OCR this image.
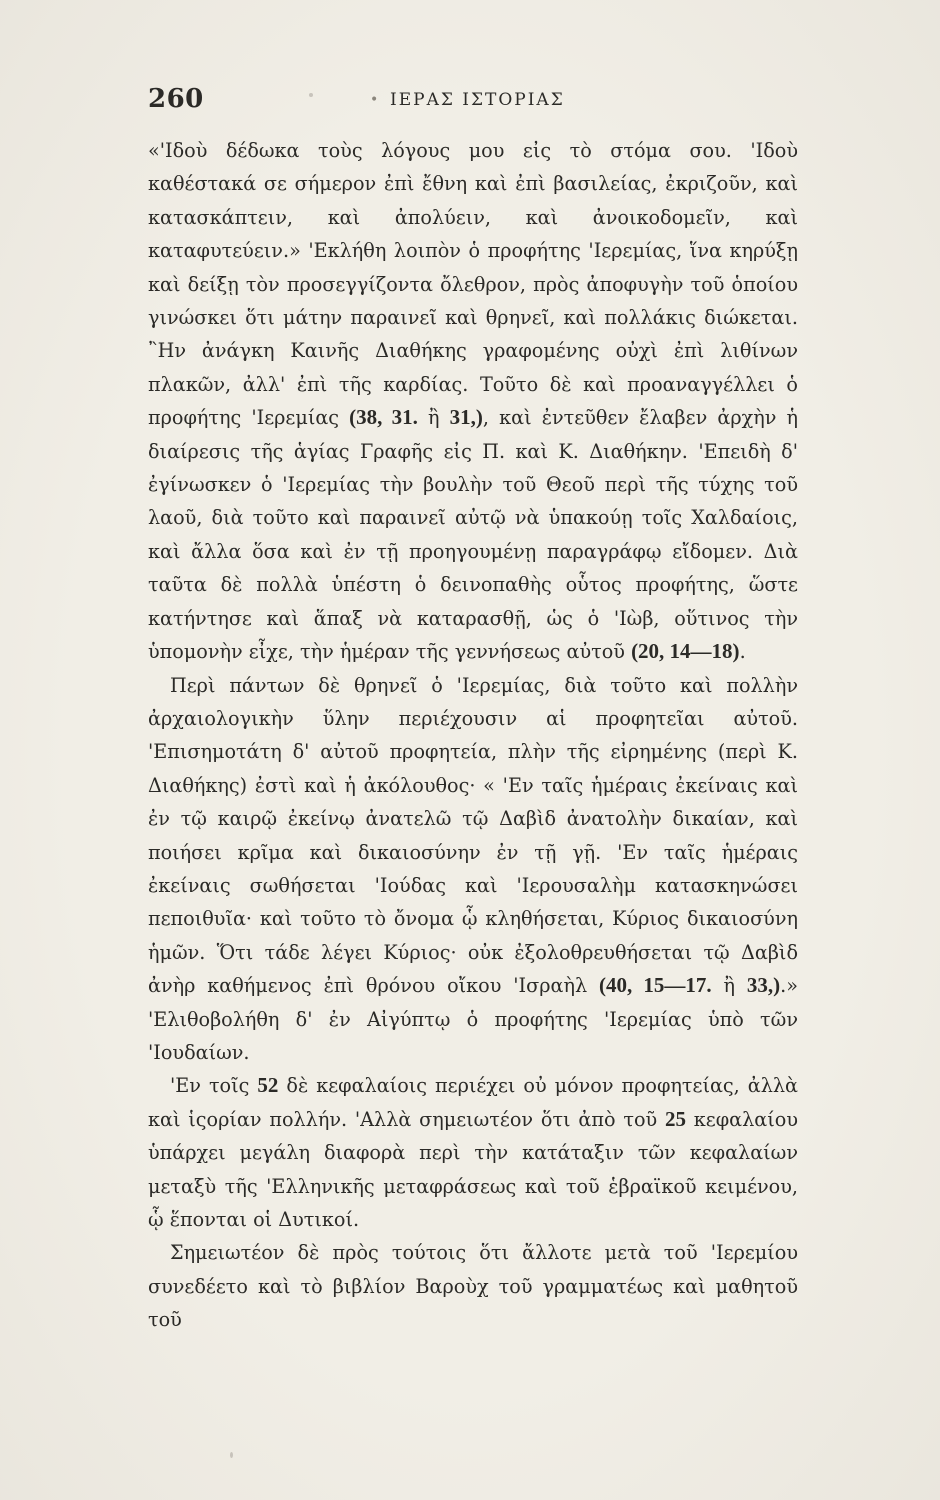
260	• ΙΕΡΑΣ ΙΣΤΟΡΙΑΣ

«'Ιδοὺ δέδωκα τοὺς λόγους μου εἰς τὸ στόμα σου. 'Ιδοὺ καθέστακά σε σήμερον ἐπὶ ἔθνη καὶ ἐπὶ βασιλείας, ἐκριζοῦν, καὶ κατασκάπτειν, καὶ ἀπολύειν, καὶ ἀνοικοδομεῖν, καὶ καταφυτεύειν.» 'Εκλήθη λοιπὸν ὁ προφήτης 'Ιερεμίας, ἵνα κηρύξῃ καὶ δείξῃ τὸν προσεγγίζοντα ὄλεθρον, πρὸς ἀποφυγὴν τοῦ ὁποίου γινώσκει ὅτι μάτην παραινεῖ καὶ θρηνεῖ, καὶ πολλάκις διώκεται. ῍Ην ἀνάγκη Καινῆς Διαθήκης γραφομένης οὐχὶ ἐπὶ λιθίνων πλακῶν, ἀλλ' ἐπὶ τῆς καρδίας. Τοῦτο δὲ καὶ προαναγγέλλει ὁ προφήτης 'Ιερεμίας (38, 31. ἢ 31,), καὶ ἐντεῦθεν ἔλαβεν ἀρχὴν ἡ διαίρεσις τῆς ἁγίας Γραφῆς εἰς Π. καὶ Κ. Διαθήκην. 'Επειδὴ δ' ἐγίνωσκεν ὁ 'Ιερεμίας τὴν βουλὴν τοῦ Θεοῦ περὶ τῆς τύχης τοῦ λαοῦ, διὰ τοῦτο καὶ παραινεῖ αὐτῷ νὰ ὑπακούῃ τοῖς Χαλδαίοις, καὶ ἄλλα ὅσα καὶ ἐν τῇ προηγουμένῃ παραγράφῳ εἴδομεν. Διὰ ταῦτα δὲ πολλὰ ὑπέστη ὁ δεινοπαθὴς οὗτος προφήτης, ὥστε κατήντησε καὶ ἅπαξ νὰ καταρασθῇ, ὡς ὁ 'Ιὼβ, οὕτινος τὴν ὑπομονὴν εἶχε, τὴν ἡμέραν τῆς γεννήσεως αὐτοῦ (20, 14—18).

Περὶ πάντων δὲ θρηνεῖ ὁ 'Ιερεμίας, διὰ τοῦτο καὶ πολλὴν ἀρχαιολογικὴν ὕλην περιέχουσιν αἱ προφητεῖαι αὐτοῦ. 'Επισημοτάτη δ' αὐτοῦ προφητεία, πλὴν τῆς εἰρημένης (περὶ Κ. Διαθήκης) ἐστὶ καὶ ἡ ἀκόλουθος· « 'Εν ταῖς ἡμέραις ἐκείναις καὶ ἐν τῷ καιρῷ ἐκείνῳ ἀνατελῶ τῷ Δαβὶδ ἀνατολὴν δικαίαν, καὶ ποιήσει κρῖμα καὶ δικαιοσύνην ἐν τῇ γῇ. 'Εν ταῖς ἡμέραις ἐκείναις σωθήσεται 'Ιούδας καὶ 'Ιερουσαλὴμ κατασκηνώσει πεποιθυῖα· καὶ τοῦτο τὸ ὄνομα ᾧ κληθήσεται, Κύριος δικαιοσύνη ἡμῶν. Ὅτι τάδε λέγει Κύριος· οὐκ ἐξολοθρευθήσεται τῷ Δαβὶδ ἀνὴρ καθήμενος ἐπὶ θρόνου οἴκου 'Ισραὴλ (40, 15—17. ἢ 33,).» 'Ελιθοβολήθη δ' ἐν Αἰγύπτῳ ὁ προφήτης 'Ιερεμίας ὑπὸ τῶν 'Ιουδαίων.

'Εν τοῖς 52 δὲ κεφαλαίοις περιέχει οὐ μόνον προφητείας, ἀλλὰ καὶ ἱςορίαν πολλήν. 'Αλλὰ σημειωτέον ὅτι ἀπὸ τοῦ 25 κεφαλαίου ὑπάρχει μεγάλη διαφορὰ περὶ τὴν κατάταξιν τῶν κεφαλαίων μεταξὺ τῆς 'Ελληνικῆς μεταφράσεως καὶ τοῦ ἑβραϊκοῦ κειμένου, ᾧ ἕπονται οἱ Δυτικοί.

Σημειωτέον δὲ πρὸς τούτοις ὅτι ἄλλοτε μετὰ τοῦ 'Ιερεμίου συνεδέετο καὶ τὸ βιβλίον Βαροὺχ τοῦ γραμματέως καὶ μαθητοῦ τοῦ
